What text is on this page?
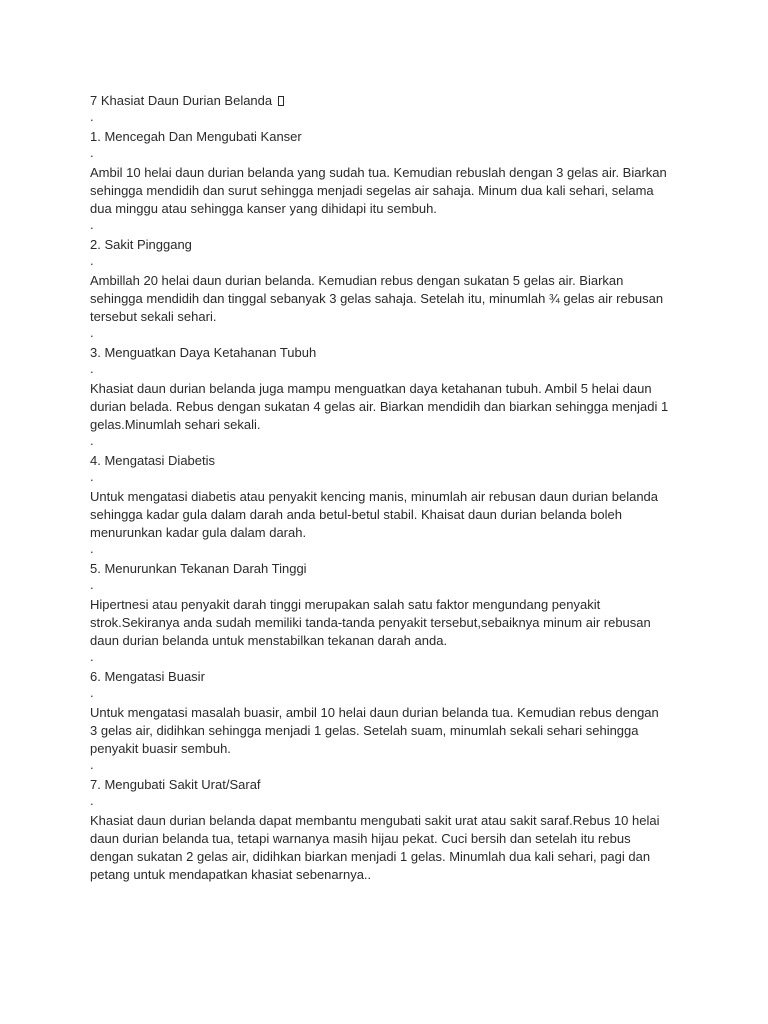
7 Khasiat Daun Durian Belanda
.
1. Mencegah Dan Mengubati Kanser
.
Ambil 10 helai daun durian belanda yang sudah tua. Kemudian rebuslah dengan 3 gelas air. Biarkan
sehingga mendidih dan surut sehingga menjadi segelas air sahaja. Minum dua kali sehari, selama
dua minggu atau sehingga kanser yang dihidapi itu sembuh.
.
2. Sakit Pinggang
.
Ambillah 20 helai daun durian belanda. Kemudian rebus dengan sukatan 5 gelas air. Biarkan
sehingga mendidih dan tinggal sebanyak 3 gelas sahaja. Setelah itu, minumlah ¾ gelas air rebusan
tersebut sekali sehari.
.
3. Menguatkan Daya Ketahanan Tubuh
.
Khasiat daun durian belanda juga mampu menguatkan daya ketahanan tubuh. Ambil 5 helai daun
durian belada. Rebus dengan sukatan 4 gelas air. Biarkan mendidih dan biarkan sehingga menjadi 1
gelas.Minumlah sehari sekali.
.
4. Mengatasi Diabetis
.
Untuk mengatasi diabetis atau penyakit kencing manis, minumlah air rebusan daun durian belanda
sehingga kadar gula dalam darah anda betul-betul stabil. Khaisat daun durian belanda boleh
menurunkan kadar gula dalam darah.
.
5. Menurunkan Tekanan Darah Tinggi
.
Hipertnesi atau penyakit darah tinggi merupakan salah satu faktor mengundang penyakit
strok.Sekiranya anda sudah memiliki tanda-tanda penyakit tersebut,sebaiknya minum air rebusan
daun durian belanda untuk menstabilkan tekanan darah anda.
.
6. Mengatasi Buasir
.
Untuk mengatasi masalah buasir, ambil 10 helai daun durian belanda tua. Kemudian rebus dengan
3 gelas air, didihkan sehingga menjadi 1 gelas. Setelah suam, minumlah sekali sehari sehingga
penyakit buasir sembuh.
.
7. Mengubati Sakit Urat/Saraf
.
Khasiat daun durian belanda dapat membantu mengubati sakit urat atau sakit saraf.Rebus 10 helai
daun durian belanda tua, tetapi warnanya masih hijau pekat. Cuci bersih dan setelah itu rebus
dengan sukatan 2 gelas air, didihkan biarkan menjadi 1 gelas. Minumlah dua kali sehari, pagi dan
petang untuk mendapatkan khasiat sebenarnya..
